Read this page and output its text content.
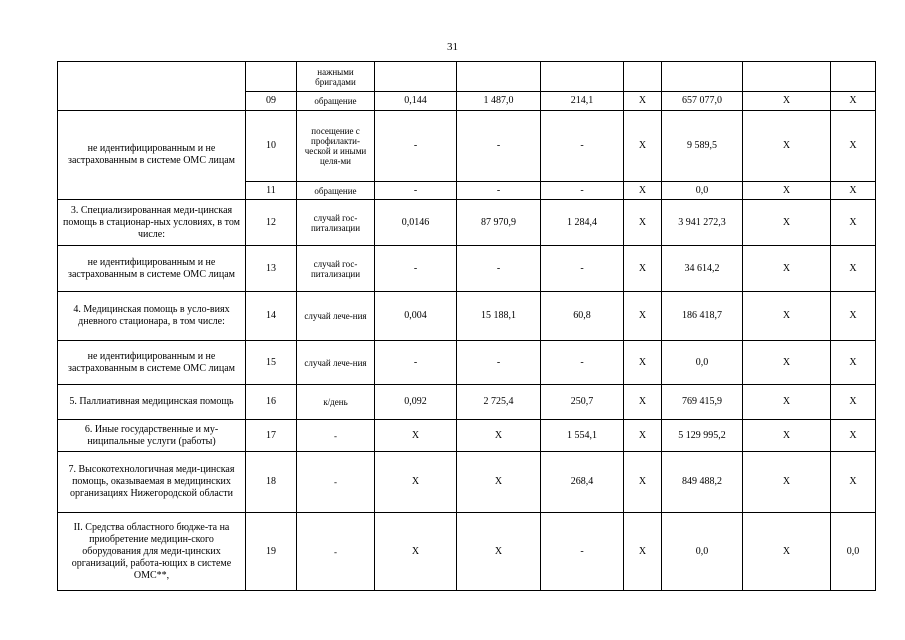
31
		нажными бригадами							
	09	обращение	0,144	1 487,0	214,1	X	657 077,0	X	X
не идентифицированным и не застрахованным в системе ОМС лицам	10	посещение с профилакти-ческой и иными целя-ми	-	-	-	X	9 589,5	X	X
	11	обращение	-	-	-	X	0,0	X	X
3. Специализированная меди-цинская помощь в стационар-ных условиях, в том числе:	12	случай гос-питализации	0,0146	87 970,9	1 284,4	X	3 941 272,3	X	X
не идентифицированным и не застрахованным в системе ОМС лицам	13	случай гос-питализации	-	-	-	X	34 614,2	X	X
4. Медицинская помощь в усло-виях дневного стационара, в том числе:	14	случай лече-ния	0,004	15 188,1	60,8	X	186 418,7	X	X
не идентифицированным и не застрахованным в системе ОМС лицам	15	случай лече-ния	-	-	-	X	0,0	X	X
5. Паллиативная медицинская помощь	16	к/день	0,092	2 725,4	250,7	X	769 415,9	X	X
6. Иные государственные и му-ниципальные услуги (работы)	17	-	X	X	1 554,1	X	5 129 995,2	X	X
7. Высокотехнологичная меди-цинская помощь, оказываемая в медицинских организациях Нижегородской области	18	-	X	X	268,4	X	849 488,2	X	X
II. Средства областного бюдже-та на приобретение медицин-ского оборудования для меди-цинских организаций, работа-ющих в системе ОМС**,	19	-	X	X	-	X	0,0	X	0,0
